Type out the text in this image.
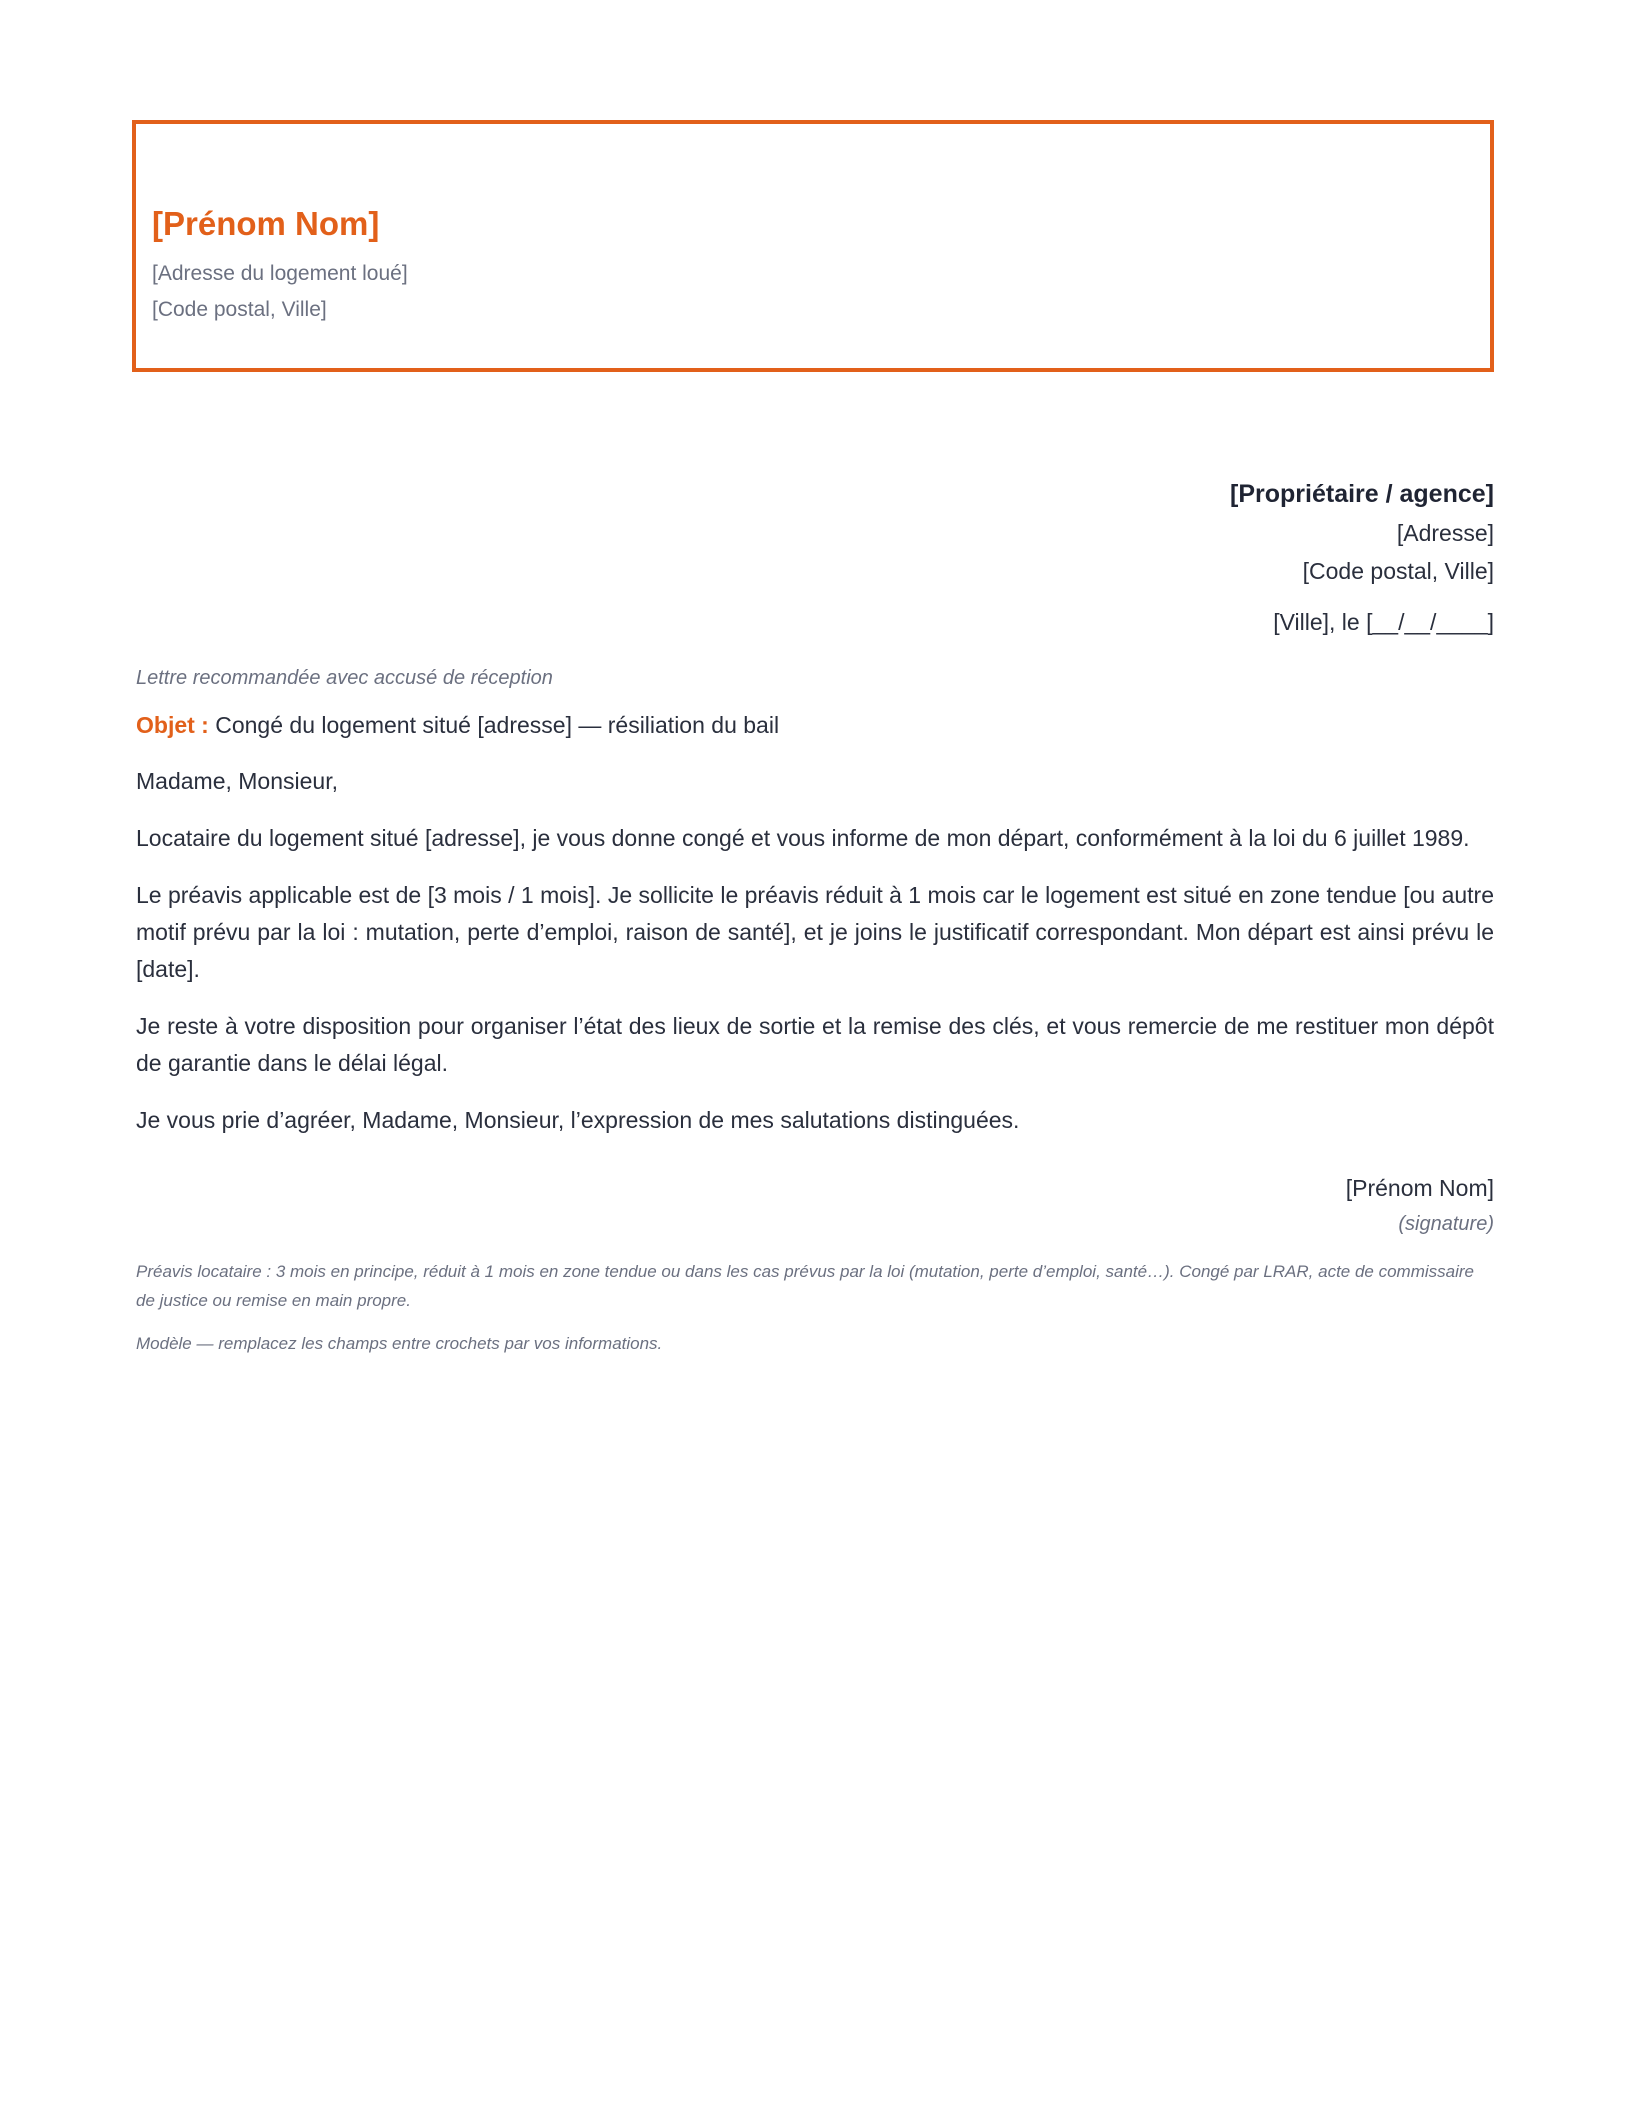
[Prénom Nom]
[Adresse du logement loué]
[Code postal, Ville]
[Propriétaire / agence]
[Adresse]
[Code postal, Ville]
[Ville], le [__/__/____]
Lettre recommandée avec accusé de réception
Objet : Congé du logement situé [adresse] — résiliation du bail
Madame, Monsieur,
Locataire du logement situé [adresse], je vous donne congé et vous informe de mon départ, conformément à la loi du 6 juillet 1989.
Le préavis applicable est de [3 mois / 1 mois]. Je sollicite le préavis réduit à 1 mois car le logement est situé en zone tendue [ou autre motif prévu par la loi : mutation, perte d’emploi, raison de santé], et je joins le justificatif correspondant. Mon départ est ainsi prévu le [date].
Je reste à votre disposition pour organiser l’état des lieux de sortie et la remise des clés, et vous remercie de me restituer mon dépôt de garantie dans le délai légal.
Je vous prie d’agréer, Madame, Monsieur, l’expression de mes salutations distinguées.
[Prénom Nom]
(signature)
Préavis locataire : 3 mois en principe, réduit à 1 mois en zone tendue ou dans les cas prévus par la loi (mutation, perte d’emploi, santé…). Congé par LRAR, acte de commissaire de justice ou remise en main propre.
Modèle — remplacez les champs entre crochets par vos informations.
